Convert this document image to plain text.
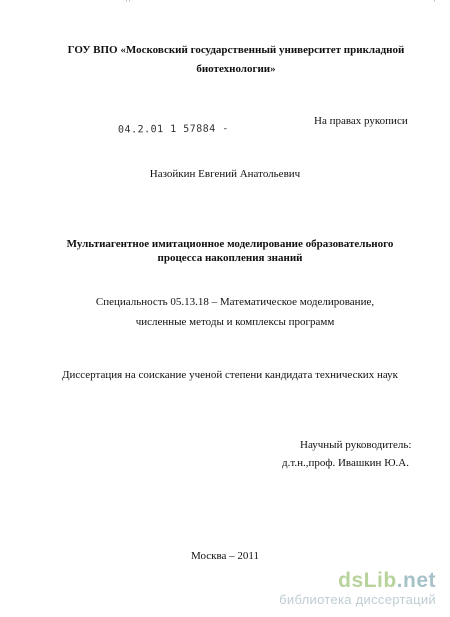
' '	'
ГОУ ВПО «Московский государственный университет прикладной
биотехнологии»
На правах рукописи
04.2.01 1 57884 -
Назойкин Евгений Анатольевич
Мультиагентное имитационное моделирование образовательного
процесса накопления знаний
Специальность 05.13.18 – Математическое моделирование,
численные методы и комплексы программ
Диссертация на соискание ученой степени кандидата технических наук
Научный руководитель:
д.т.н.,проф. Ивашкин Ю.А.
Москва – 2011
dsLib.net
библиотека диссертаций
